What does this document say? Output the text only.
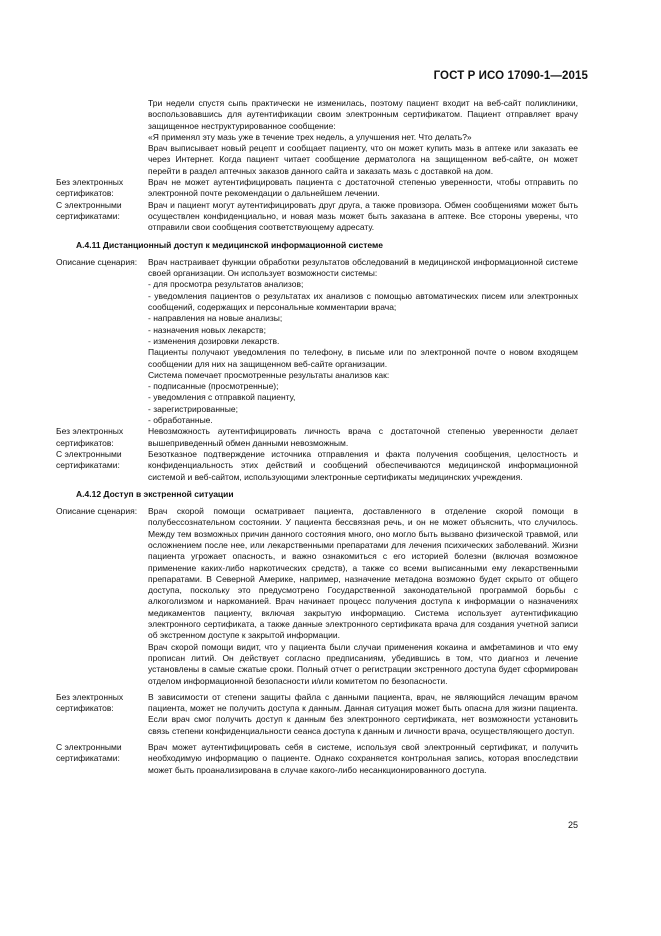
ГОСТ Р ИСО 17090-1—2015

Три недели спустя сыпь практически не изменилась, поэтому пациент входит на веб-сайт поликлиники, воспользовавшись для аутентификации своим электронным сертификатом. Пациент отправляет врачу защищенное неструктурированное сообщение:

«Я применял эту мазь уже в течение трех недель, а улучшения нет. Что делать?»

Врач выписывает новый рецепт и сообщает пациенту, что он может купить мазь в аптеке или заказать ее через Интернет. Когда пациент читает сообщение дерматолога на защищенном веб-сайте, он может перейти в раздел аптечных заказов данного сайта и заказать мазь с доставкой на дом.

Без электронных сертификатов:
Врач не может аутентифицировать пациента с достаточной степенью уверенности, чтобы отправить по электронной почте рекомендации о дальнейшем лечении.
С электронными сертификатами:
Врач и пациент могут аутентифицировать друг друга, а также провизора. Обмен сообщениями может быть осуществлен конфиденциально, и новая мазь может быть заказана в аптеке. Все стороны уверены, что отправили свои сообщения соответствующему адресату.
А.4.11 Дистанционный доступ к медицинской информационной системе
Описание сценария:	Врач настраивает функции обработки результатов обследований в медицинской информационной системе своей организации. Он использует возможности системы:
- для просмотра результатов анализов;
- уведомления пациентов о результатах их анализов с помощью автоматических писем или электронных сообщений, содержащих и персональные комментарии врача;
- направления на новые анализы;
- назначения новых лекарств;
- изменения дозировки лекарств.
Пациенты получают уведомления по телефону, в письме или по электронной почте о новом входящем сообщении для них на защищенном веб-сайте организации.
Система помечает просмотренные результаты анализов как:
- подписанные (просмотренные);
- уведомления с отправкой пациенту,
- зарегистрированные;
- обработанные.
Без электронных сертификатов:
Невозможность аутентифицировать личность врача с достаточной степенью уверенности делает вышеприведенный обмен данными невозможным.
С электронными сертификатами:
Безотказное подтверждение источника отправления и факта получения сообщения, целостность и конфиденциальность этих действий и сообщений обеспечиваются медицинской информационной системой и веб-сайтом, использующими электронные сертификаты медицинских учреждения.
А.4.12 Доступ в экстренной ситуации
Описание сценария:	Врач скорой помощи осматривает пациента, доставленного в отделение скорой помощи в полубессознательном состоянии. У пациента бессвязная речь, и он не может объяснить, что случилось. Между тем возможных причин данного состояния много, оно могло быть вызвано физической травмой, или осложнением после нее, или лекарственными препаратами для лечения психических заболеваний. Жизни пациента угрожает опасность, и важно ознакомиться с его историей болезни (включая возможное применение каких-либо наркотических средств), а также со всеми выписанными ему лекарственными препаратами. В Северной Америке, например, назначение метадона возможно будет скрыто от общего доступа, поскольку это предусмотрено Государственной законодательной программой борьбы с алкоголизмом и наркоманией. Врач начинает процесс получения доступа к информации о назначениях медикаментов пациенту, включая закрытую информацию. Система использует аутентификацию электронного сертификата, а также данные электронного сертификата врача для создания учетной записи об экстренном доступе к закрытой информации.
Врач скорой помощи видит, что у пациента были случаи применения кокаина и амфетаминов и что ему прописан литий. Он действует согласно предписаниям, убедившись в том, что диагноз и лечение установлены в самые сжатые сроки. Полный отчет о регистрации экстренного доступа будет сформирован отделом информационной безопасности и/или комитетом по безопасности.
Без электронных сертификатов:
В зависимости от степени защиты файла с данными пациента, врач, не являющийся лечащим врачом пациента, может не получить доступа к данным. Данная ситуация может быть опасна для жизни пациента. Если врач смог получить доступ к данным без электронного сертификата, нет возможности установить связь степени конфиденциальности сеанса доступа к данным и личности врача, осуществляющего доступ.
С электронными сертификатами:
Врач может аутентифицировать себя в системе, используя свой электронный сертификат, и получить необходимую информацию о пациенте. Однако сохраняется контрольная запись, которая впоследствии может быть проанализирована в случае какого-либо несанкционированного доступа.
25
